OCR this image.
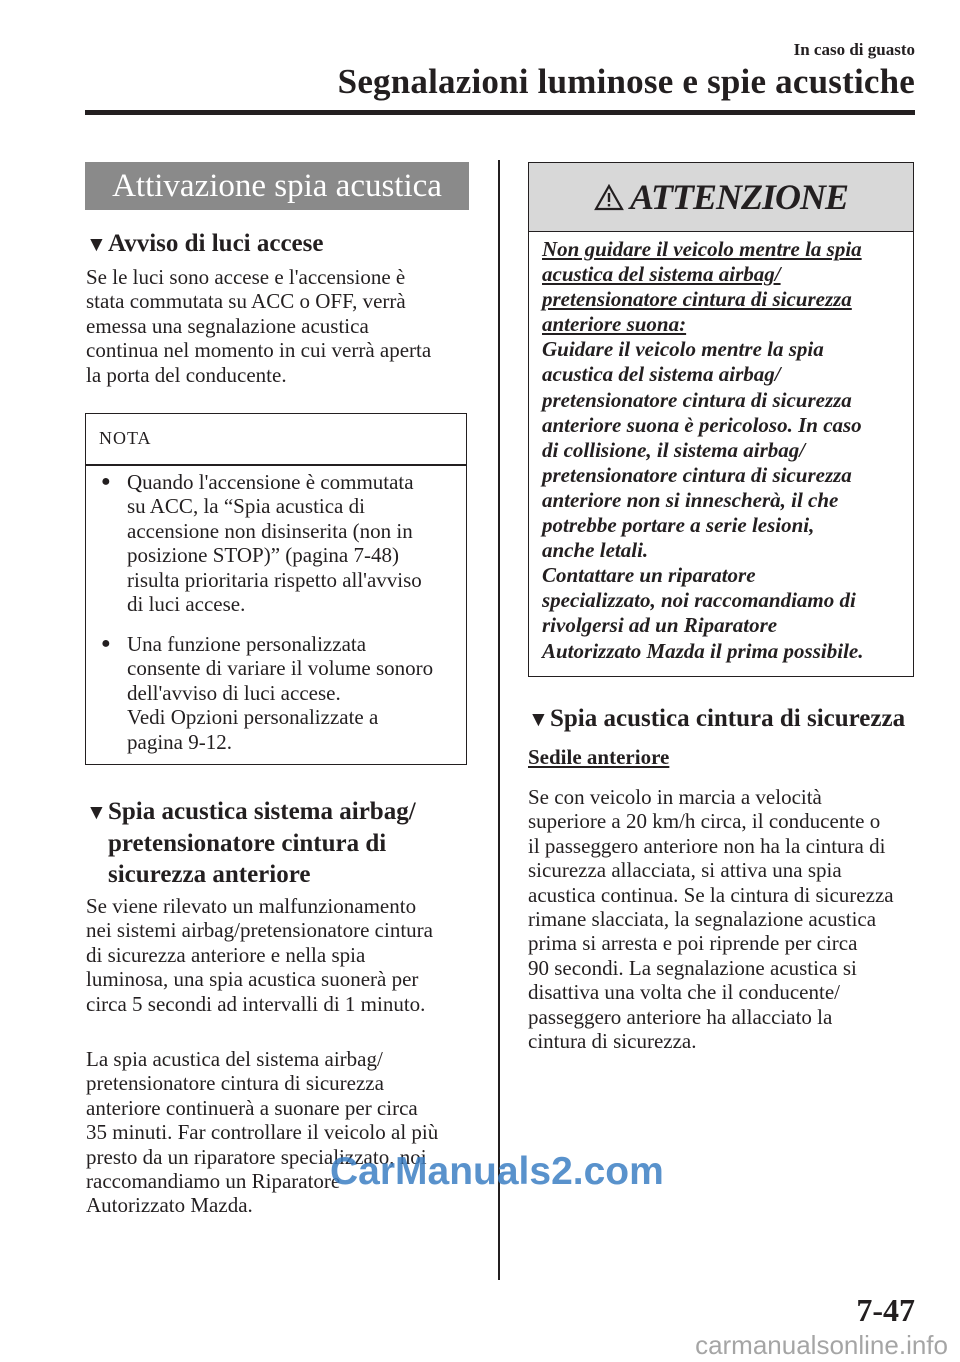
In caso di guasto
Segnalazioni luminose e spie acustiche
Attivazione spia acustica
▼Avviso di luci accese

Se le luci sono accese e l'accensione è

stata commutata su ACC o OFF, verrà

emessa una segnalazione acustica

continua nel momento in cui verrà aperta

la porta del conducente.

NOTA
● Quando l'accensione è commutata
su ACC, la “Spia acustica di
accensione non disinserita (non in
posizione STOP)” (pagina 7-48)
risulta prioritaria rispetto all'avviso
di luci accese.
● Una funzione personalizzata
consente di variare il volume sonoro
dell'avviso di luci accese.
Vedi Opzioni personalizzate a
pagina 9-12.
▼Spia acustica sistema airbag/
pretensionatore cintura di
sicurezza anteriore

Se viene rilevato un malfunzionamento

nei sistemi airbag/pretensionatore cintura

di sicurezza anteriore e nella spia

luminosa, una spia acustica suonerà per

circa 5 secondi ad intervalli di 1 minuto.

La spia acustica del sistema airbag/

pretensionatore cintura di sicurezza

anteriore continuerà a suonare per circa

35 minuti. Far controllare il veicolo al più

presto da un riparatore specializzato, noi

raccomandiamo un Riparatore

Autorizzato Mazda.

ATTENZIONE
Non guidare il veicolo mentre la spia
acustica del sistema airbag/
pretensionatore cintura di sicurezza
anteriore suona:
Guidare il veicolo mentre la spia
acustica del sistema airbag/
pretensionatore cintura di sicurezza
anteriore suona è pericoloso. In caso
di collisione, il sistema airbag/
pretensionatore cintura di sicurezza
anteriore non si innescherà, il che
potrebbe portare a serie lesioni,
anche letali.
Contattare un riparatore
specializzato, noi raccomandiamo di
rivolgersi ad un Riparatore
Autorizzato Mazda il prima possibile.
▼Spia acustica cintura di sicurezza
Sedile anteriore

Se con veicolo in marcia a velocità

superiore a 20 km/h circa, il conducente o

il passeggero anteriore non ha la cintura di

sicurezza allacciata, si attiva una spia

acustica continua. Se la cintura di sicurezza

rimane slacciata, la segnalazione acustica

prima si arresta e poi riprende per circa

90 secondi. La segnalazione acustica si

disattiva una volta che il conducente/

passeggero anteriore ha allacciato la

cintura di sicurezza.

7-47
CarManuals2.com
carmanualsonline.info
